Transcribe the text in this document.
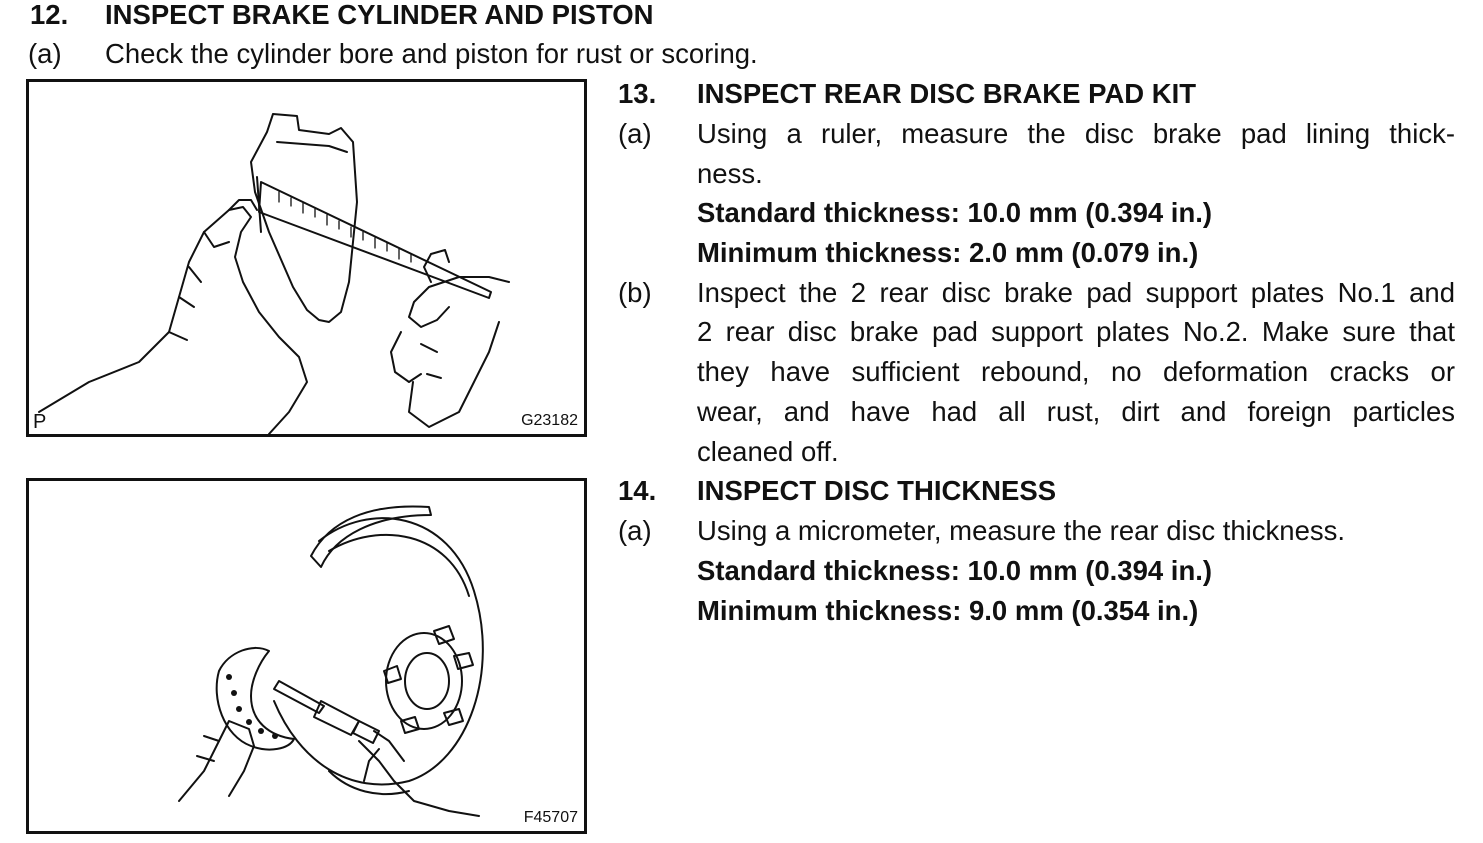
12. INSPECT BRAKE CYLINDER AND PISTON
(a) Check the cylinder bore and piston for rust or scoring.
P	G23182
F45707
13. INSPECT REAR DISC BRAKE PAD KIT
(a) Using a ruler, measure the disc brake pad lining thick-
ness.
Standard thickness: 10.0 mm (0.394 in.)
Minimum thickness: 2.0 mm (0.079 in.)
(b) Inspect the 2 rear disc brake pad support plates No.1 and
2 rear disc brake pad support plates No.2. Make sure that
they have sufficient rebound, no deformation cracks or
wear, and have had all rust, dirt and foreign particles
cleaned off.
14. INSPECT DISC THICKNESS
(a) Using a micrometer, measure the rear disc thickness.
Standard thickness: 10.0 mm (0.394 in.)
Minimum thickness: 9.0 mm (0.354 in.)
